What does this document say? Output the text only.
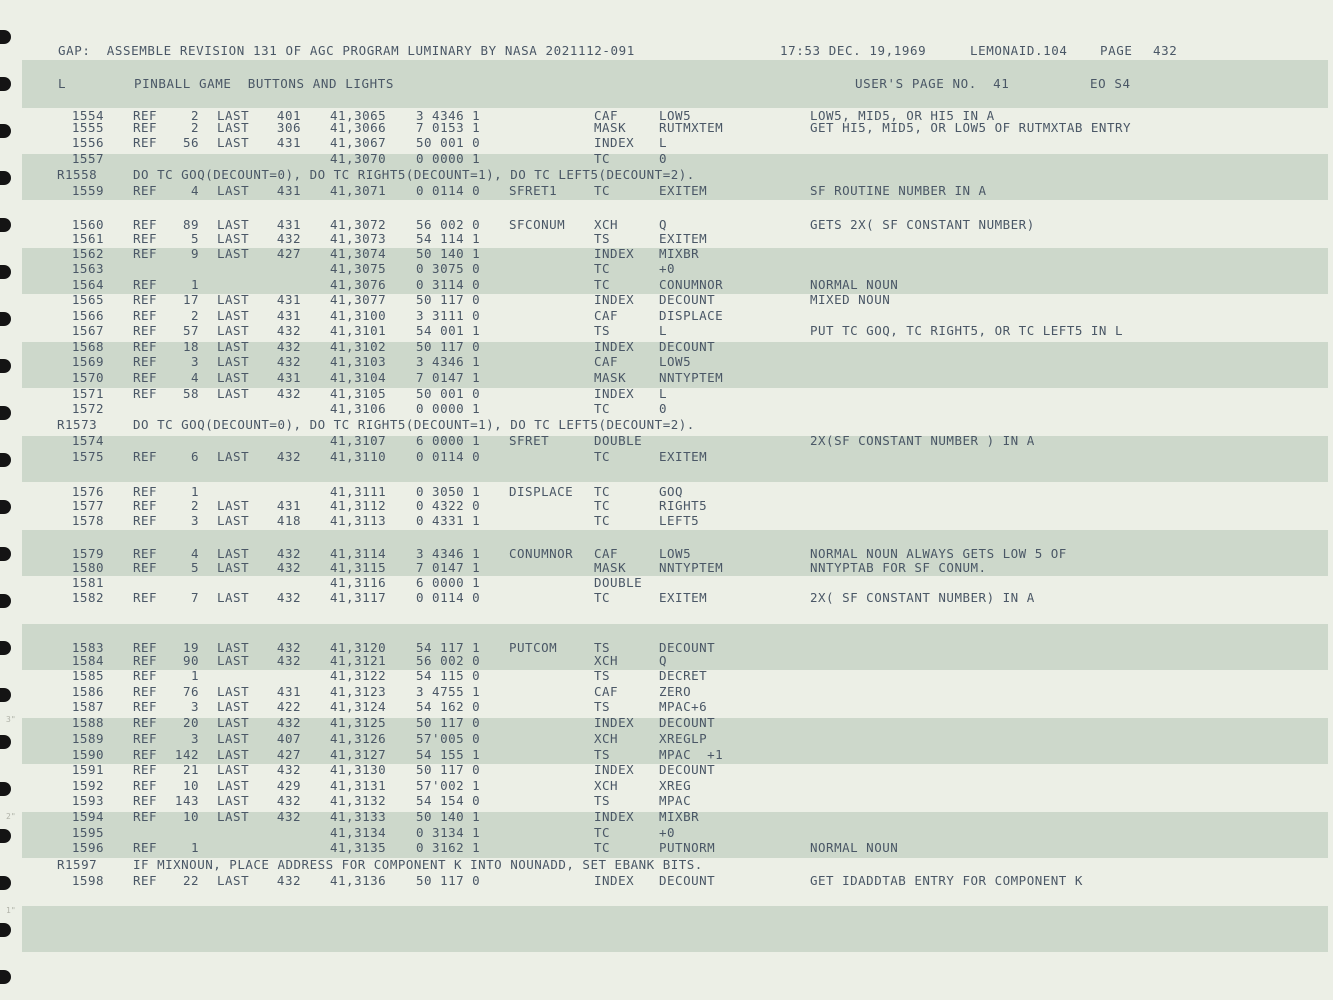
3"
2"
1"

GAP:  ASSEMBLE REVISION 131 OF AGC PROGRAM LUMINARY BY NASA 2021112-091

	17:53 DEC. 19,1969

	LEMONAID.104

	PAGE

432

L	PINBALL GAME  BUTTONS AND LIGHTS	USER'S PAGE NO.  41	EO S4
1554 REF	2 LAST 401 41,3065 3 4346 1	CAF	LOW5	LOW5, MID5, OR HI5 IN A
1555 REF	2 LAST 306 41,3066 7 0153 1	MASK	RUTMXTEM	GET HI5, MID5, OR LOW5 OF RUTMXTAB ENTRY
1556 REF 56 LAST 431 41,3067 50 001 0	INDEX L
1557	41,3070 0 0000 1	TC	0
R1558	DO TC GOQ(DECOUNT=0), DO TC RIGHT5(DECOUNT=1), DO TC LEFT5(DECOUNT=2).
1559 REF	4 LAST 431 41,3071 0 0114 0 SFRET1	TC	EXITEM	SF ROUTINE NUMBER IN A
1560 REF 89 LAST 431 41,3072 56 002 0 SFCONUM XCH	Q	GETS 2X( SF CONSTANT NUMBER)
1561 REF	5 LAST 432 41,3073 54 114 1	TS	EXITEM
1562 REF	9 LAST 427 41,3074 50 140 1	INDEX MIXBR
1563	41,3075 0 3075 0	TC	+0
1564 REF	1	41,3076 0 3114 0	TC	CONUMNOR	NORMAL NOUN
1565 REF 17 LAST 431 41,3077 50 117 0	INDEX DECOUNT	MIXED NOUN
1566 REF	2 LAST 431 41,3100 3 3111 0	CAF	DISPLACE
1567 REF 57 LAST 432 41,3101 54 001 1	TS	L	PUT TC GOQ, TC RIGHT5, OR TC LEFT5 IN L
1568 REF 18 LAST 432 41,3102 50 117 0	INDEX DECOUNT
1569 REF	3 LAST 432 41,3103 3 4346 1	CAF	LOW5
1570 REF	4 LAST 431 41,3104 7 0147 1	MASK	NNTYPTEM
1571 REF 58 LAST 432 41,3105 50 001 0	INDEX L
1572	41,3106 0 0000 1	TC	0
R1573	DO TC GOQ(DECOUNT=0), DO TC RIGHT5(DECOUNT=1), DO TC LEFT5(DECOUNT=2).
1574	41,3107 6 0000 1 SFRET	DOUBLE	2X(SF CONSTANT NUMBER ) IN A
1575 REF	6 LAST 432 41,3110 0 0114 0	TC	EXITEM
1576 REF	1	41,3111 0 3050 1 DISPLACE TC	GOQ
1577 REF	2 LAST 431 41,3112 0 4322 0	TC	RIGHT5
1578 REF	3 LAST 418 41,3113 0 4331 1	TC	LEFT5
1579 REF	4 LAST 432 41,3114 3 4346 1 CONUMNOR CAF	LOW5	NORMAL NOUN ALWAYS GETS LOW 5 OF
1580 REF	5 LAST 432 41,3115 7 0147 1	MASK	NNTYPTEM	NNTYPTAB FOR SF CONUM.
1581	41,3116 6 0000 1	DOUBLE
1582 REF	7 LAST 432 41,3117 0 0114 0	TC	EXITEM	2X( SF CONSTANT NUMBER) IN A
1583 REF 19 LAST 432 41,3120 54 117 1 PUTCOM	TS	DECOUNT
1584 REF 90 LAST 432 41,3121 56 002 0	XCH	Q
1585 REF	1	41,3122 54 115 0	TS	DECRET
1586 REF 76 LAST 431 41,3123 3 4755 1	CAF	ZERO
1587 REF	3 LAST 422 41,3124 54 162 0	TS	MPAC+6
1588 REF 20 LAST 432 41,3125 50 117 0	INDEX DECOUNT
1589 REF	3 LAST 407 41,3126 57'005 0	XCH	XREGLP
1590 REF 142 LAST 427 41,3127 54 155 1	TS	MPAC  +1
1591 REF 21 LAST 432 41,3130 50 117 0	INDEX DECOUNT
1592 REF 10 LAST 429 41,3131 57'002 1	XCH	XREG
1593 REF 143 LAST 432 41,3132 54 154 0	TS	MPAC
1594 REF 10 LAST 432 41,3133 50 140 1	INDEX MIXBR
1595	41,3134 0 3134 1	TC	+0
1596 REF	1	41,3135 0 3162 1	TC	PUTNORM	NORMAL NOUN
R1597	IF MIXNOUN, PLACE ADDRESS FOR COMPONENT K INTO NOUNADD, SET EBANK BITS.
1598 REF 22 LAST 432 41,3136 50 117 0	INDEX DECOUNT	GET IDADDTAB ENTRY FOR COMPONENT K
